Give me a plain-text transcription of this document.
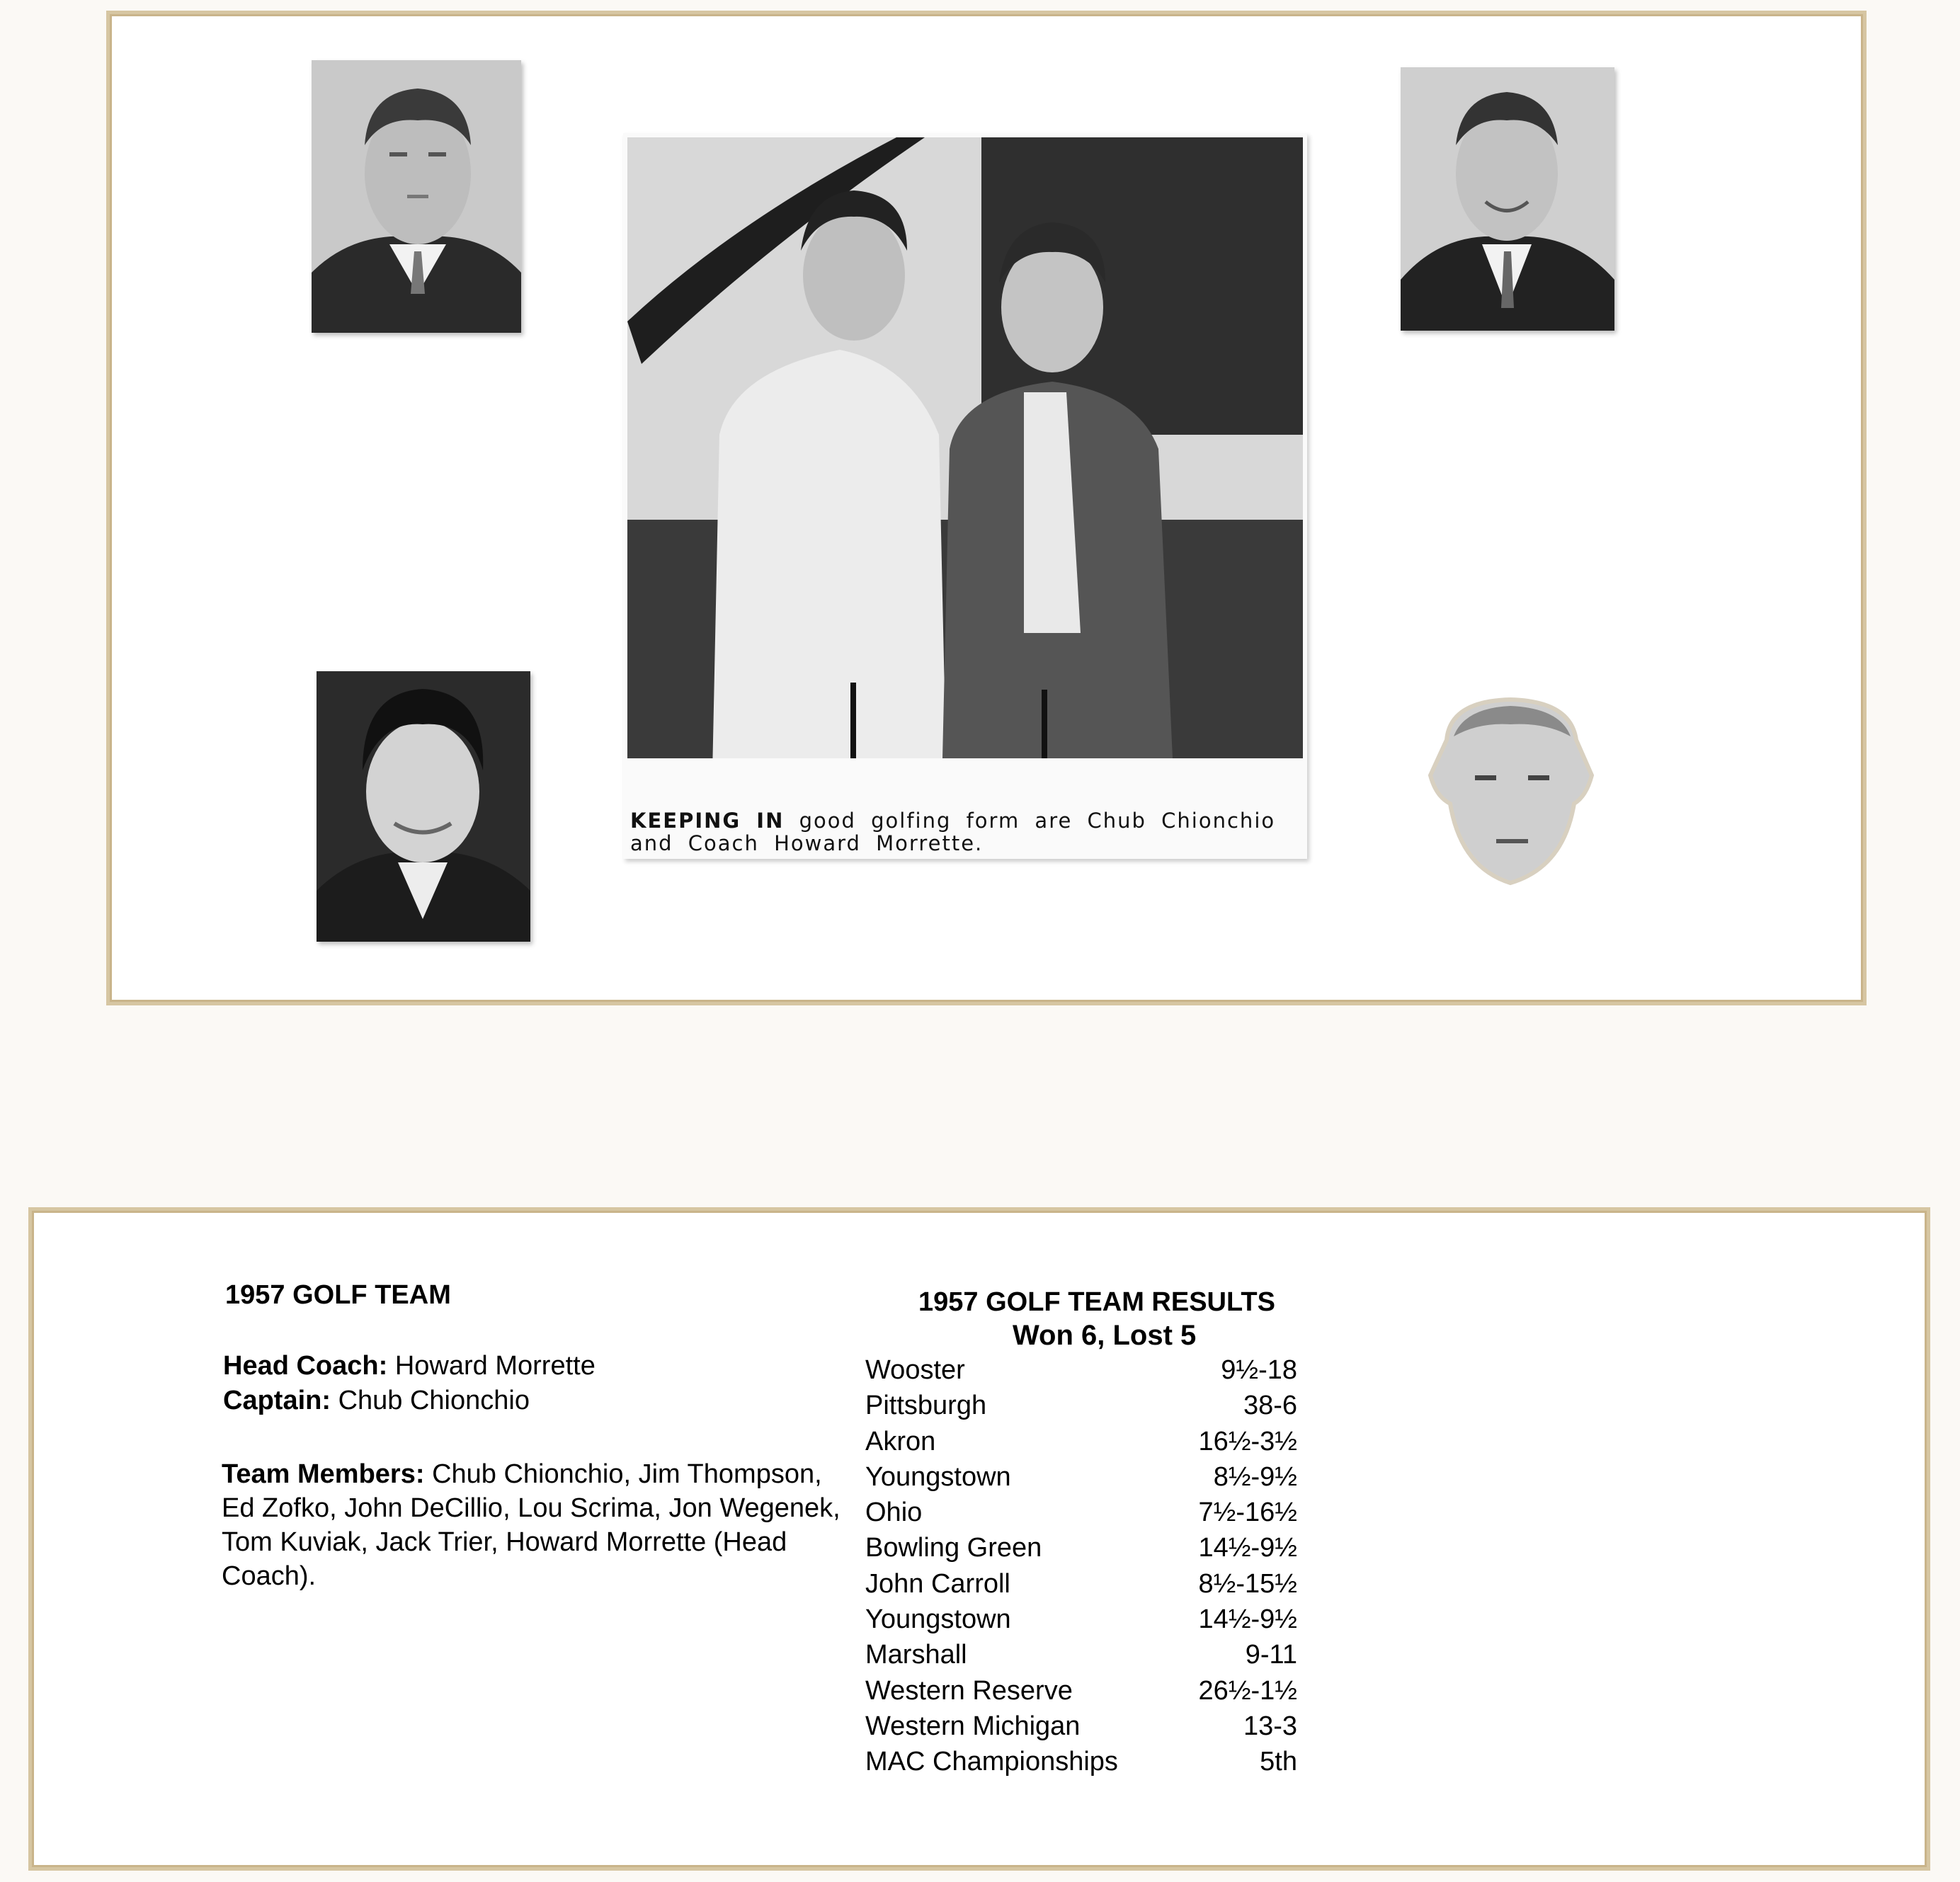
KEEPING IN good golfing form are Chub Chionchio and Coach Howard Morrette.
1957 GOLF TEAM
Head Coach: Howard Morrette
Captain: Chub Chionchio
Team Members: Chub Chionchio, Jim Thompson, Ed Zofko, John DeCillio, Lou Scrima, Jon Wegenek, Tom Kuviak, Jack Trier, Howard Morrette (Head Coach).
1957 GOLF TEAM RESULTS
Won 6, Lost 5
Wooster	9½-18
Pittsburgh	38-6
Akron	16½-3½
Youngstown	8½-9½
Ohio	7½-16½
Bowling Green	14½-9½
John Carroll	8½-15½
Youngstown	14½-9½
Marshall	9-11
Western Reserve	26½-1½
Western Michigan	13-3
MAC Championships	5th
